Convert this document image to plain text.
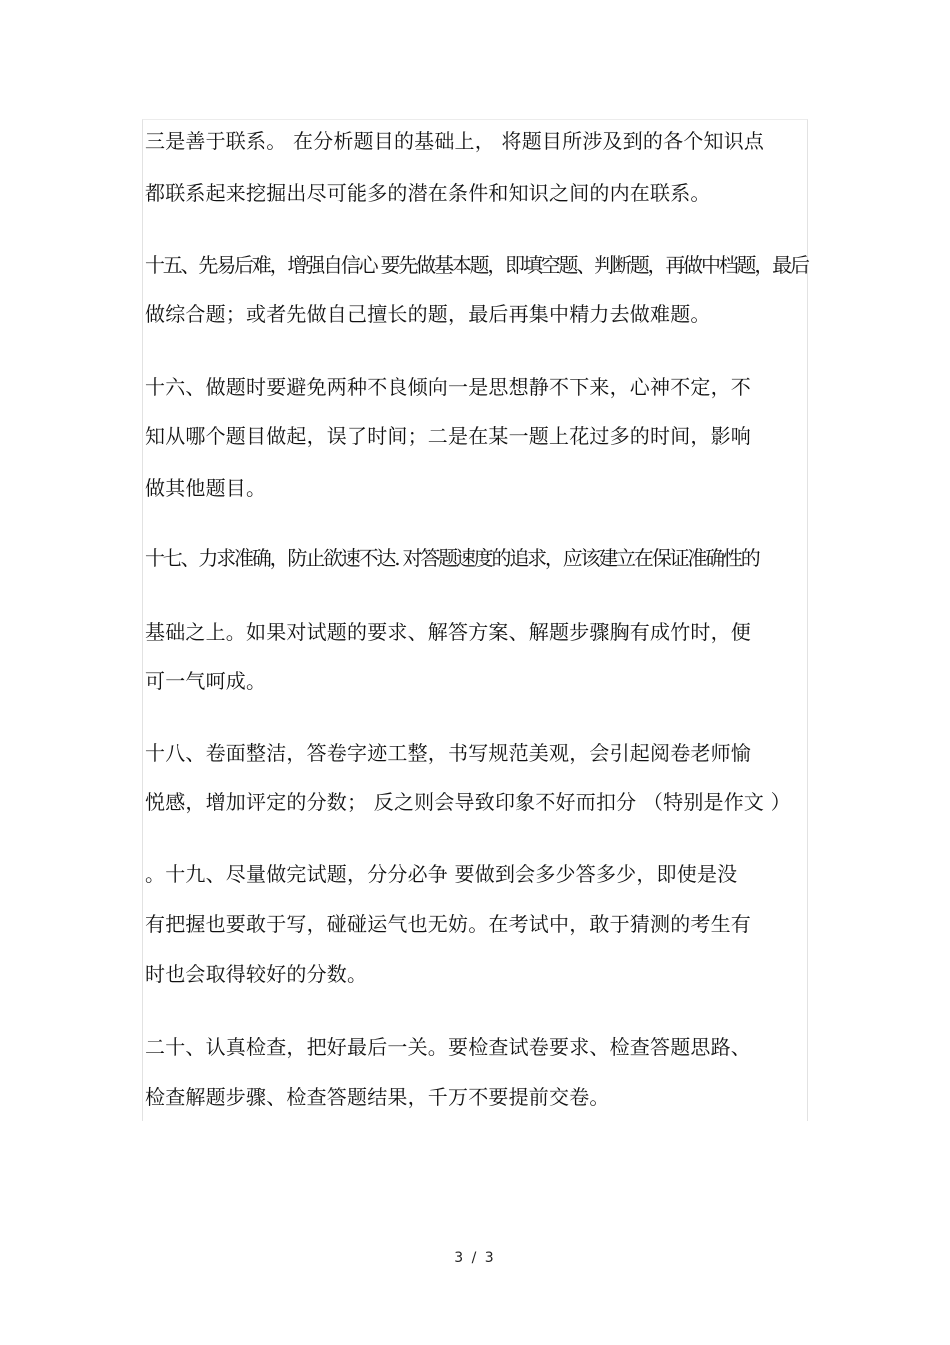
三是善于联系。 在分析题目的基础上， 将题目所涉及到的各个知识点
都联系起来挖掘出尽可能多的潜在条件和知识之间的内在联系。
十五、先易后难，增强自信心 要先做基本题，即填空题、判断题，再做中档题，最后
做综合题；或者先做自己擅长的题，最后再集中精力去做难题。
十六、做题时要避免两种不良倾向一是思想静不下来，心神不定，不
知从哪个题目做起，误了时间；二是在某一题上花过多的时间，影响
做其他题目。
十七、力求准确，防止欲速不达. 对答题速度的追求，应该建立在保证准确性的
基础之上。如果对试题的要求、解答方案、解题步骤胸有成竹时，便
可一气呵成。
十八、卷面整洁，答卷字迹工整，书写规范美观，会引起阅卷老师愉
悦感，增加评定的分数； 反之则会导致印象不好而扣分 （特别是作文 ）
。十九、尽量做完试题，分分必争 要做到会多少答多少，即使是没
有把握也要敢于写，碰碰运气也无妨。在考试中，敢于猜测的考生有
时也会取得较好的分数。
二十、认真检查，把好最后一关。要检查试卷要求、检查答题思路、
检查解题步骤、检查答题结果，千万不要提前交卷。
3 / 3
